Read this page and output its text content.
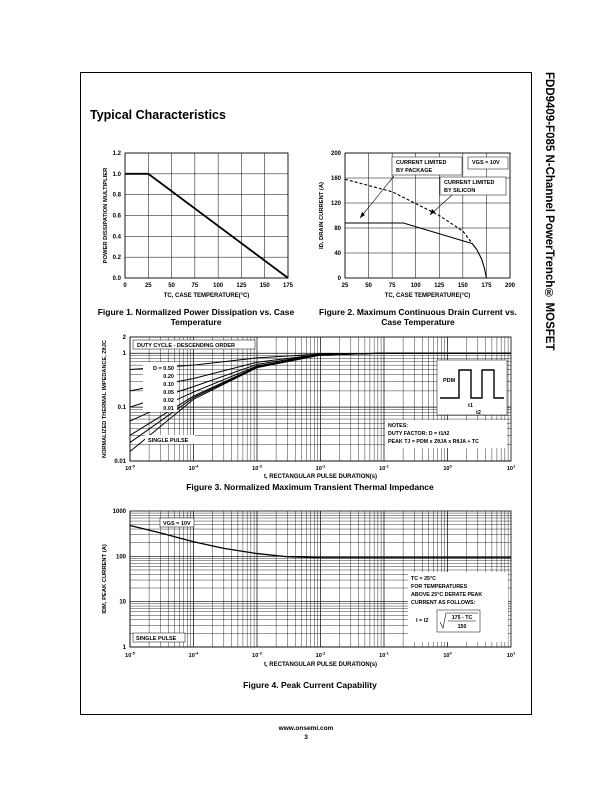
Typical Characteristics	FDD9409-F085 N-Channel PowerTrench® MOSFET
0	25	50	75 100 125 150 175
0.0
0.2
0.4
0.6
0.8
1.0
1.2
TC, CASE TEMPERATURE(°C)
POWER DISSIPATION MULTIPLIER
25	50	75	100 125 150 175 200
0
40
80
120
160
200
CURRENT LIMITED
BY PACKAGE
CURRENT LIMITED
BY SILICON
VGS = 10V
TC, CASE TEMPERATURE(°C)
ID, DRAIN CURRENT (A)
$10^{-5}$	$10^{-4}$	$10^{-3}$	$10^{-2}$	$10^{-1}$	$10^0$	$10^1$
0.01
0.1
1
2
DUTY CYCLE - DESCENDING ORDER
D = 0.50
0.20
0.10
0.05
0.02
0.01
SINGLE PULSE
PDM
t1
t2
NOTES:
DUTY FACTOR: D = t1/t2
PEAK TJ = PDM x ZθJA x RθJA + TC
t, RECTANGULAR PULSE DURATION(s)
NORMALIZED THERMAL IMPEDANCE, ZθJC
$10^{-5}$	$10^{-4}$	$10^{-3}$	$10^{-2}$	$10^{-1}$	$10^0$	$10^1$
1
10
100
1000
VGS = 10V
SINGLE PULSE
TC = 25°C
FOR TEMPERATURES
ABOVE 25°C DERATE PEAK
CURRENT AS FOLLOWS:
I = I2	175 - TC
150
t, RECTANGULAR PULSE DURATION(s)
IDM, PEAK CURRENT (A)
Figure 1. Normalized Power Dissipation vs. Case Temperature
Figure 2. Maximum Continuous Drain Current vs. Case Temperature
Figure 3. Normalized Maximum Transient Thermal Impedance
Figure 4. Peak Current Capability
www.onsemi.com
3
